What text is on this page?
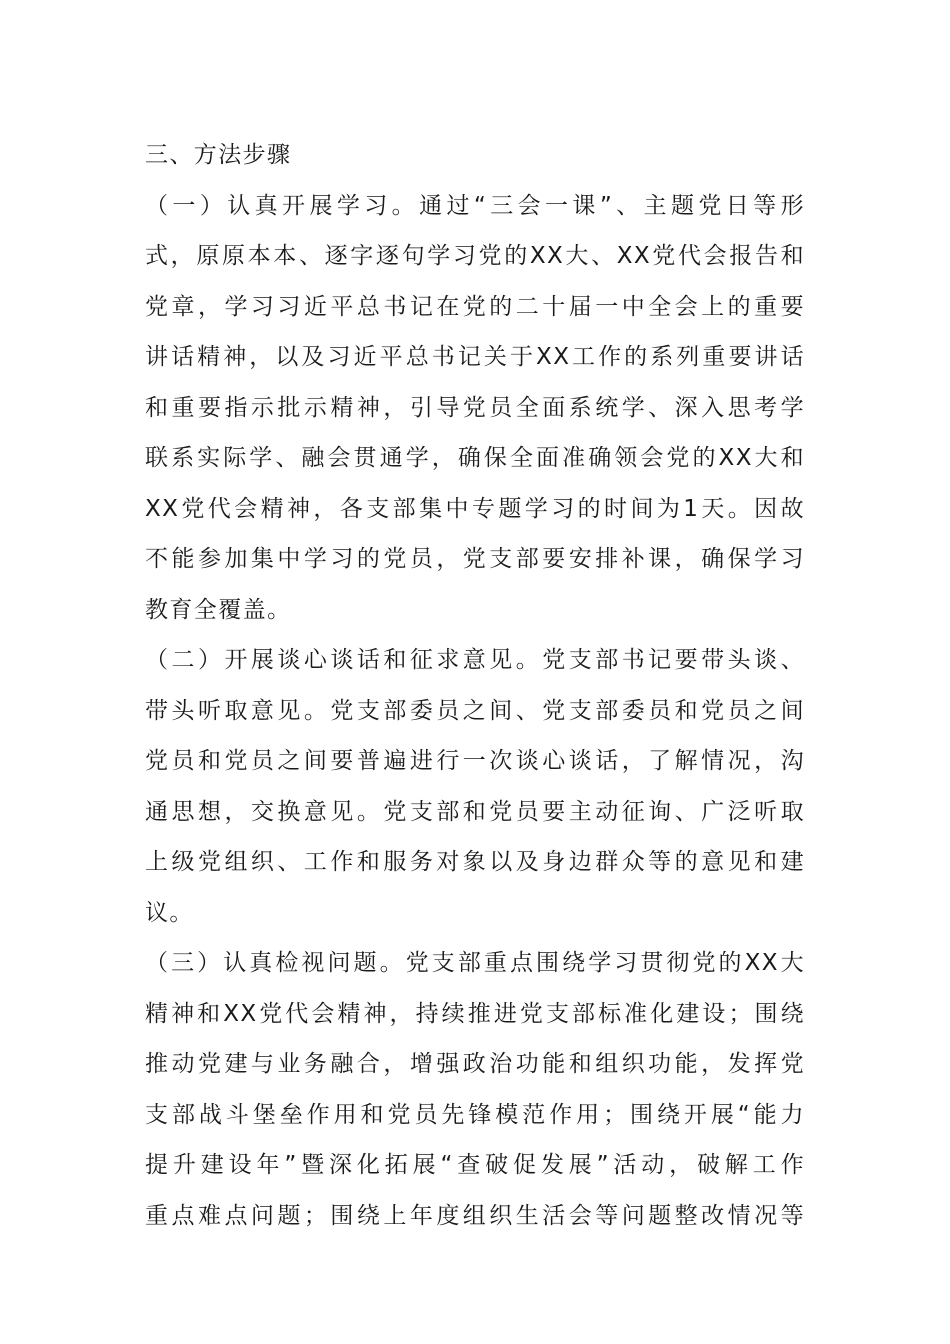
三、方法步骤

（一）认真开展学习。通过“三会一课”、主题党日等形
式，原原本本、逐字逐句学习党的XX大、XX党代会报告和
党章，学习习近平总书记在党的二十届一中全会上的重要
讲话精神，以及习近平总书记关于XX工作的系列重要讲话
和重要指示批示精神，引导党员全面系统学、深入思考学
联系实际学、融会贯通学，确保全面准确领会党的XX大和
XX党代会精神，各支部集中专题学习的时间为1天。因故
不能参加集中学习的党员，党支部要安排补课，确保学习
教育全覆盖。

（二）开展谈心谈话和征求意见。党支部书记要带头谈、
带头听取意见。党支部委员之间、党支部委员和党员之间
党员和党员之间要普遍进行一次谈心谈话，了解情况，沟
通思想，交换意见。党支部和党员要主动征询、广泛听取
上级党组织、工作和服务对象以及身边群众等的意见和建
议。

（三）认真检视问题。党支部重点围绕学习贯彻党的XX大
精神和XX党代会精神，持续推进党支部标准化建设；围绕
推动党建与业务融合，增强政治功能和组织功能，发挥党
支部战斗堡垒作用和党员先锋模范作用；围绕开展“能力
提升建设年”暨深化拓展“查破促发展”活动，破解工作
重点难点问题；围绕上年度组织生活会等问题整改情况等
